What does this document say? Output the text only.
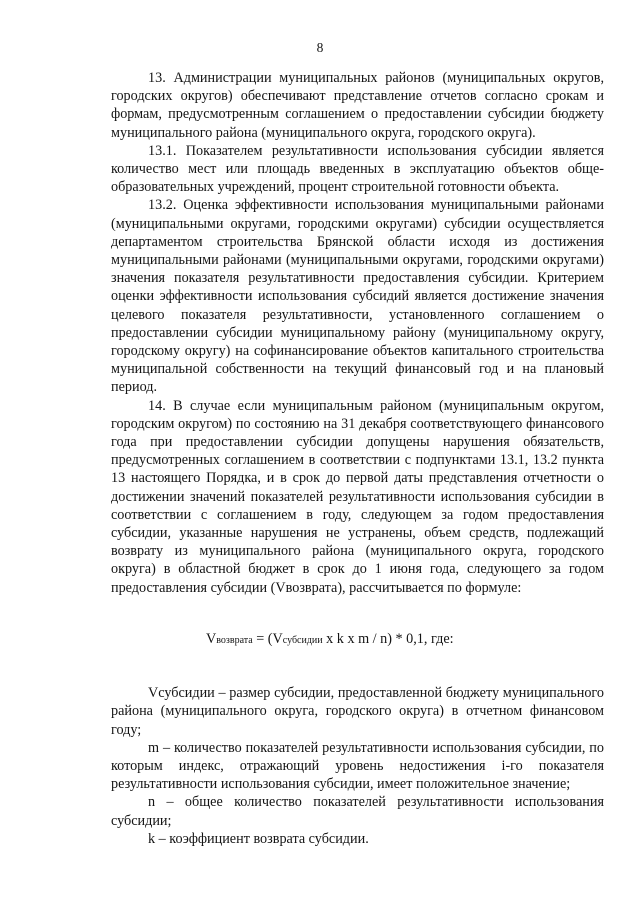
8

13. Администрации муниципальных районов (муниципальных округов, городских округов) обеспечивают представление отчетов согласно срокам и формам, предусмотренным соглашением о предоставлении субсидии бюджету муниципального района (муниципального округа, городского округа).

13.1. Показателем результативности использования субсидии является количество мест или площадь введенных в эксплуатацию объектов общеобразовательных учреждений, процент строительной готовности объекта.

13.2. Оценка эффективности использования муниципальными районами (муниципальными округами, городскими округами) субсидии осуществляется департаментом строительства Брянской области исходя из достижения муниципальными районами (муниципальными округами, городскими округами) значения показателя результативности предоставления субсидии. Критерием оценки эффективности использования субсидий является достижение значения целевого показателя результативности, установленного соглашением о предоставлении субсидии муниципальному району (муниципальному округу, городскому округу) на софинансирование объектов капитального строительства муниципальной собственности на текущий финансовый год и на плановый период.

14. В случае если муниципальным районом (муниципальным округом, городским округом) по состоянию на 31 декабря соответствующего финансового года при предоставлении субсидии допущены нарушения обязательств, предусмотренных соглашением в соответствии с подпунктами 13.1, 13.2 пункта 13 настоящего Порядка, и в срок до первой даты представления отчетности о достижении значений показателей результативности использования субсидии в соответствии с соглашением в году, следующем за годом предоставления субсидии, указанные нарушения не устранены, объем средств, подлежащий возврату из муниципального района (муниципального округа, городского округа) в областной бюджет в срок до 1 июня года, следующего за годом предоставления субсидии (Vвозврата), рассчитывается по формуле:

Vвозврата = (Vсубсидии x k x m / n) * 0,1, где:

Vсубсидии – размер субсидии, предоставленной бюджету муниципального района (муниципального округа, городского округа) в отчетном финансовом году;

m – количество показателей результативности использования субсидии, по которым индекс, отражающий уровень недостижения i-го показателя результативности использования субсидии, имеет положительное значение;

n – общее количество показателей результативности использования субсидии;

k – коэффициент возврата субсидии.
